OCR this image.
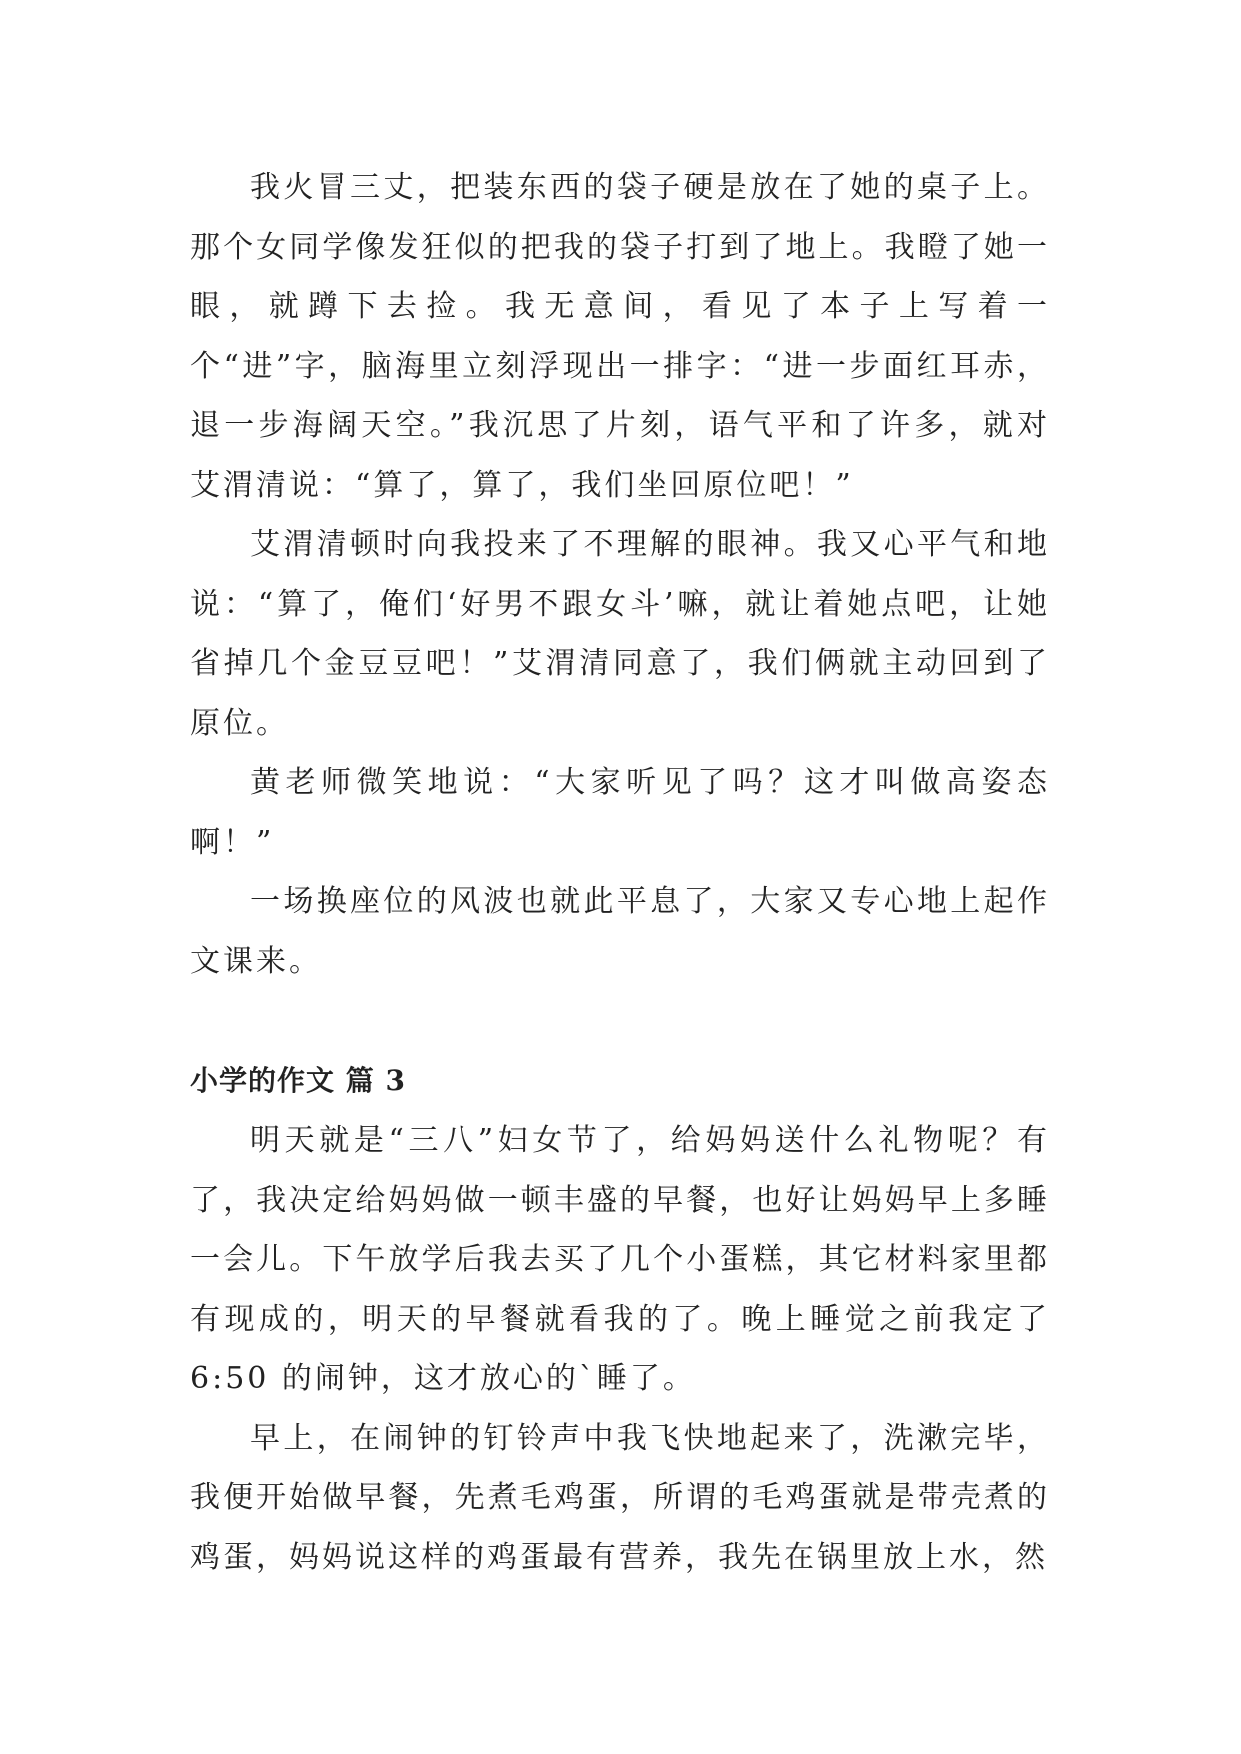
我火冒三丈，把装东西的袋子硬是放在了她的桌子上。那个女同学像发狂似的把我的袋子打到了地上。我瞪了她一眼，就蹲下去捡。我无意间，看见了本子上写着一个“进”字，脑海里立刻浮现出一排字：“进一步面红耳赤，退一步海阔天空。”我沉思了片刻，语气平和了许多，就对艾渭清说：“算了，算了，我们坐回原位吧！”

艾渭清顿时向我投来了不理解的眼神。我又心平气和地说：“算了，俺们‘好男不跟女斗’嘛，就让着她点吧，让她省掉几个金豆豆吧！”艾渭清同意了，我们俩就主动回到了原位。

黄老师微笑地说：“大家听见了吗？这才叫做高姿态啊！”

一场换座位的风波也就此平息了，大家又专心地上起作文课来。

小学的作文 篇 3

明天就是“三八”妇女节了，给妈妈送什么礼物呢？有了，我决定给妈妈做一顿丰盛的早餐，也好让妈妈早上多睡一会儿。下午放学后我去买了几个小蛋糕，其它材料家里都有现成的，明天的早餐就看我的了。晚上睡觉之前我定了 6:50 的闹钟，这才放心的`睡了。

早上，在闹钟的钉铃声中我飞快地起来了，洗漱完毕，我便开始做早餐，先煮毛鸡蛋，所谓的毛鸡蛋就是带壳煮的鸡蛋，妈妈说这样的鸡蛋最有营养，我先在锅里放上水，然
